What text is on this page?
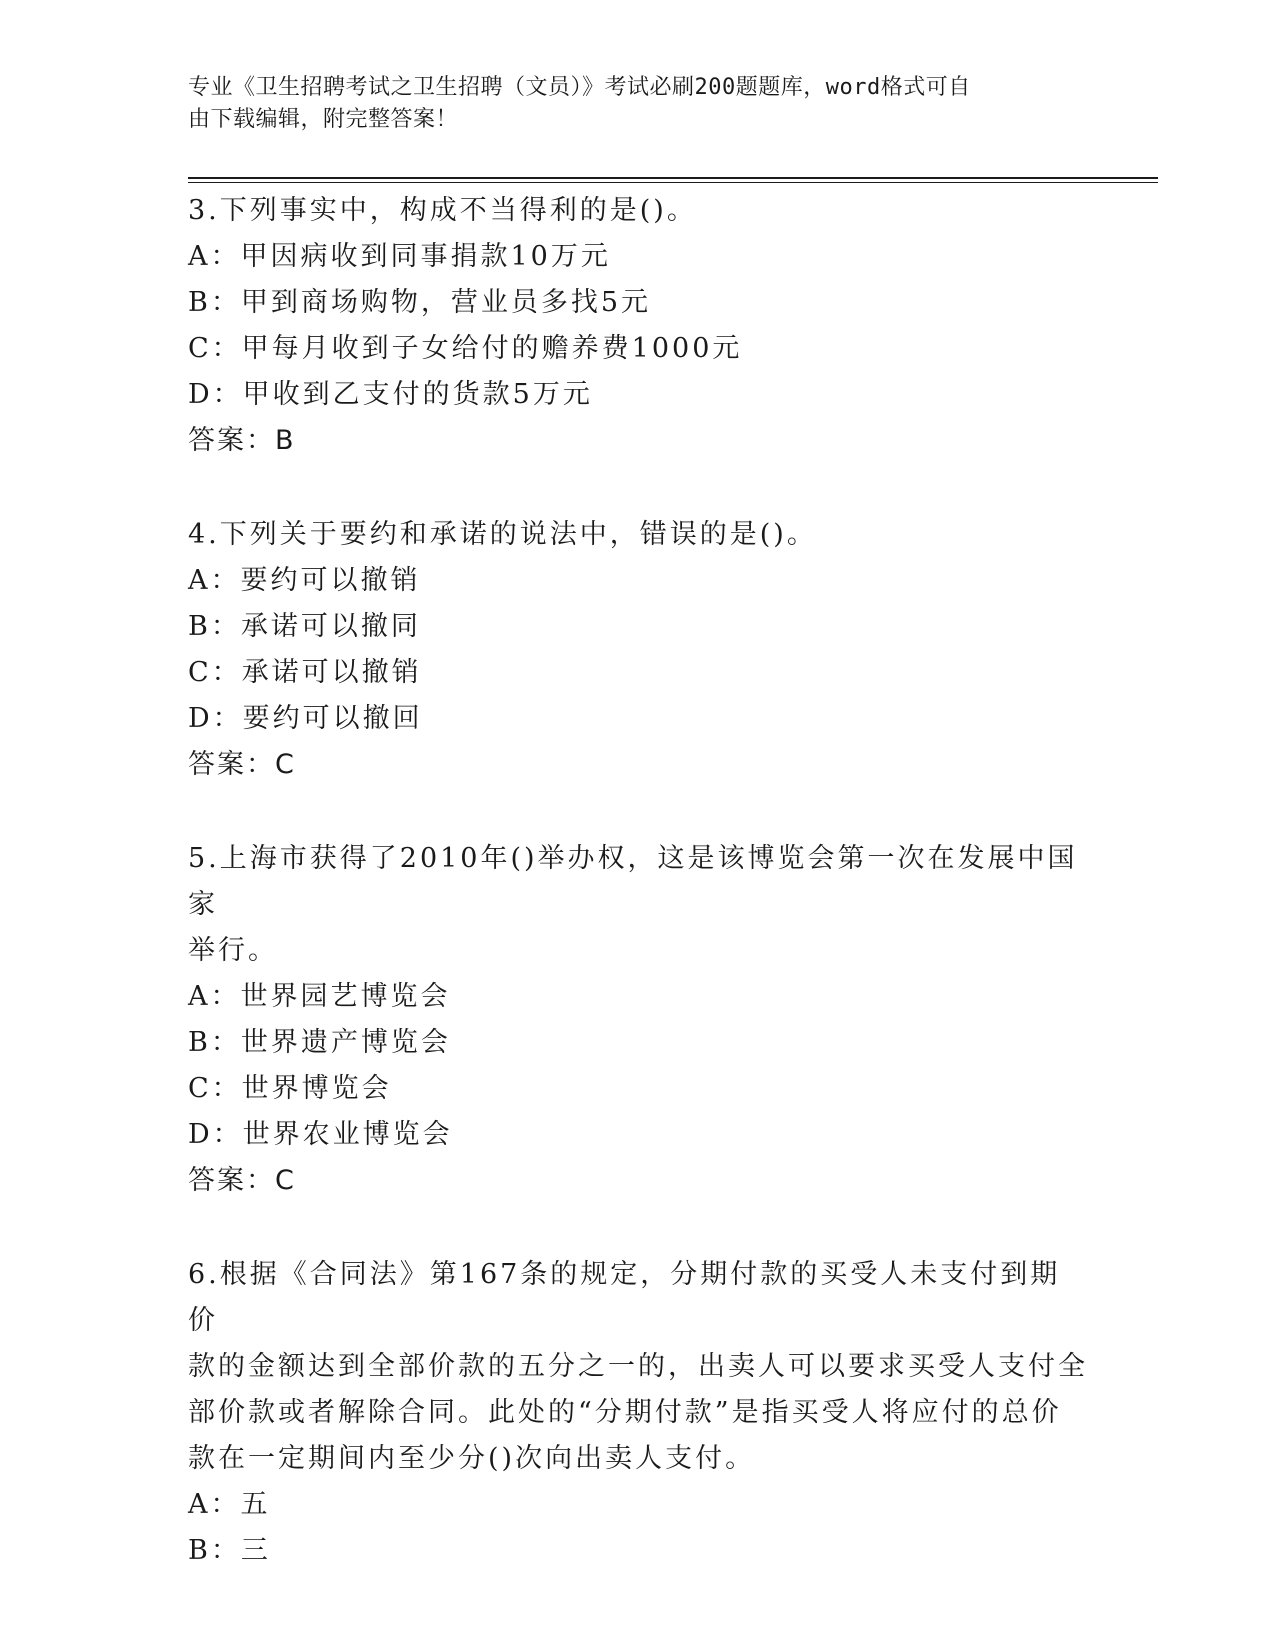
专业《卫生招聘考试之卫生招聘（文员）》考试必刷200题题库，word格式可自
由下载编辑，附完整答案！
3.下列事实中，构成不当得利的是()。
A：甲因病收到同事捐款10万元
B：甲到商场购物，营业员多找5元
C：甲每月收到子女给付的赡养费1000元
D：甲收到乙支付的货款5万元
答案：B
4.下列关于要约和承诺的说法中，错误的是()。
A：要约可以撤销
B：承诺可以撤同
C：承诺可以撤销
D：要约可以撤回
答案：C
5.上海市获得了2010年()举办权，这是该博览会第一次在发展中国家
举行。
A：世界园艺博览会
B：世界遗产博览会
C：世界博览会
D：世界农业博览会
答案：C
6.根据《合同法》第167条的规定，分期付款的买受人未支付到期价
款的金额达到全部价款的五分之一的，出卖人可以要求买受人支付全
部价款或者解除合同。此处的“分期付款”是指买受人将应付的总价
款在一定期间内至少分()次向出卖人支付。
A：五
B：三
